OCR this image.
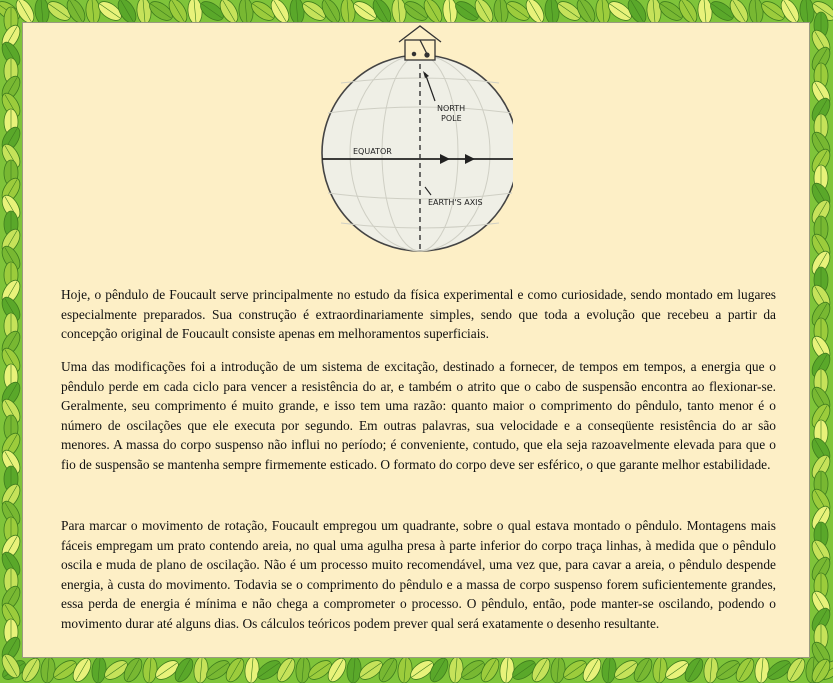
NORTH
POLE
EQUATOR
EARTH'S AXIS

Hoje, o pêndulo de Foucault serve principalmente no estudo da física experimental e como curiosidade, sendo montado em lugares especialmente preparados. Sua construção é extraordinariamente simples, sendo que toda a evolução que recebeu a partir da concepção original de Foucault consiste apenas em melhoramentos superficiais.

Uma das modificações foi a introdução de um sistema de excitação, destinado a fornecer, de tempos em tempos, a energia que o pêndulo perde em cada ciclo para vencer a resistência do ar, e também o atrito que o cabo de suspensão encontra ao flexionar-se. Geralmente, seu comprimento é muito grande, e isso tem uma razão: quanto maior o comprimento do pêndulo, tanto menor é o número de oscilações que ele executa por segundo. Em outras palavras, sua velocidade e a conseqüente resistência do ar são menores. A massa do corpo suspenso não influi no período; é conveniente, contudo, que ela seja razoavelmente elevada para que o fio de suspensão se mantenha sempre firmemente esticado. O formato do corpo deve ser esférico, o que garante melhor estabilidade.

Para marcar o movimento de rotação, Foucault empregou um quadrante, sobre o qual estava montado o pêndulo. Montagens mais fáceis empregam um prato contendo areia, no qual uma agulha presa à parte inferior do corpo traça linhas, à medida que o pêndulo oscila e muda de plano de oscilação. Não é um processo muito recomendável, uma vez que, para cavar a areia, o pêndulo despende energia, à custa do movimento. Todavia se o comprimento do pêndulo e a massa de corpo suspenso forem suficientemente grandes, essa perda de energia é mínima e não chega a comprometer o processo. O pêndulo, então, pode manter-se oscilando, podendo o movimento durar até alguns dias. Os cálculos teóricos podem prever qual será exatamente o desenho resultante.
